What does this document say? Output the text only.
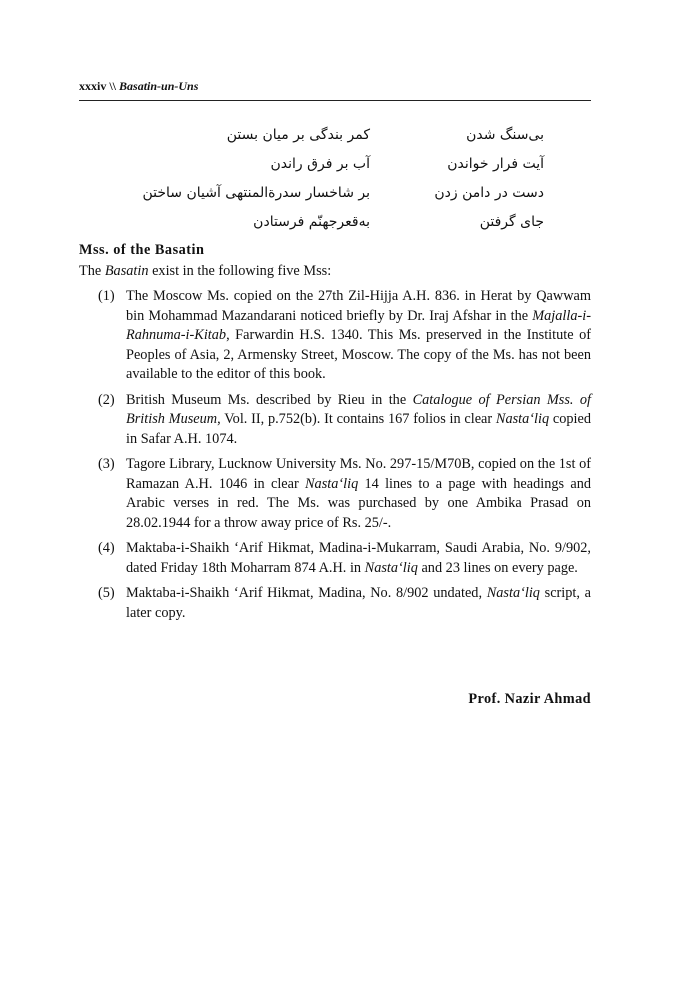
xxxiv \\ Basatin-un-Uns
بی‌سنگ شدن
آیت فرار خواندن
دست در دامن زدن
جای گرفتن
کمر بندگی بر میان بستن
آب بر فرق راندن
بر شاخسار سدرةالمنتهی آشیان ساختن
به‌قعرجهنّم فرستادن
Mss. of the Basatin
The Basatin exist in the following five Mss:
(1) The Moscow Ms. copied on the 27th Zil-Hijja A.H. 836. in Herat by Qawwam bin Mohammad Mazandarani noticed briefly by Dr. Iraj Afshar in the Majalla-i-Rahnuma-i-Kitab, Farwardin H.S. 1340. This Ms. preserved in the Institute of Peoples of Asia, 2, Armensky Street, Moscow. The copy of the Ms. has not been available to the editor of this book.
(2) British Museum Ms. described by Rieu in the Catalogue of Persian Mss. of British Museum, Vol. II, p.752(b). It contains 167 folios in clear Nasta‘liq copied in Safar A.H. 1074.
(3) Tagore Library, Lucknow University Ms. No. 297-15/M70B, copied on the 1st of Ramazan A.H. 1046 in clear Nasta‘liq 14 lines to a page with headings and Arabic verses in red. The Ms. was purchased by one Ambika Prasad on 28.02.1944 for a throw away price of Rs. 25/-.
(4) Maktaba-i-Shaikh ‘Arif Hikmat, Madina-i-Mukarram, Saudi Arabia, No. 9/902, dated Friday 18th Moharram 874 A.H. in Nasta‘liq and 23 lines on every page.
(5) Maktaba-i-Shaikh ‘Arif Hikmat, Madina, No. 8/902 undated, Nasta‘liq script, a later copy.
Prof. Nazir Ahmad
